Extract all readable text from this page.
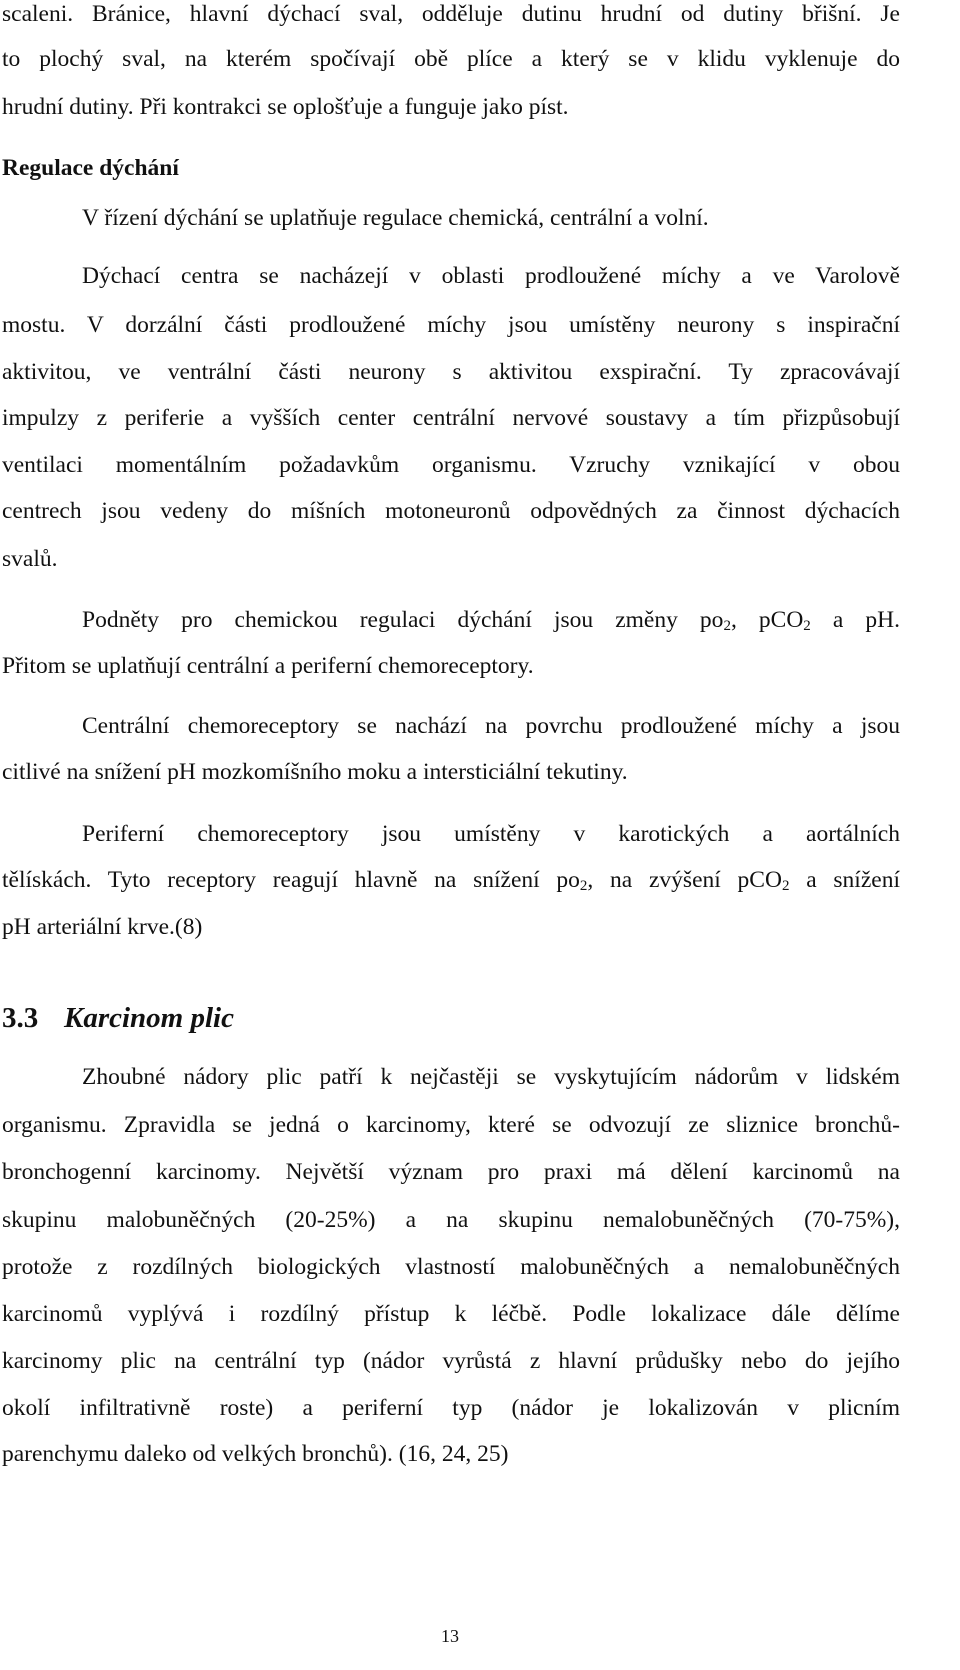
scaleni. Bránice, hlavní dýchací sval, odděluje dutinu hrudní od dutiny břišní. Je
to plochý sval, na kterém spočívají obě plíce a který se v klidu vyklenuje do
hrudní dutiny. Při kontrakci se oplošťuje a funguje jako píst.
Regulace dýchání
V řízení dýchání se uplatňuje regulace chemická, centrální a volní.
Dýchací centra se nacházejí v oblasti prodloužené míchy a ve Varolově
mostu. V dorzální části prodloužené míchy jsou umístěny neurony s inspirační
aktivitou, ve ventrální části neurony s aktivitou exspirační. Ty zpracovávají
impulzy z periferie a vyšších center centrální nervové soustavy a tím přizpůsobují
ventilaci momentálním požadavkům organismu. Vzruchy vznikající v obou
centrech jsou vedeny do míšních motoneuronů odpovědných za činnost dýchacích
svalů.
Podněty pro chemickou regulaci dýchání jsou změny $po_2$, pCO$_2$ a pH.
Přitom se uplatňují centrální a periferní chemoreceptory.
Centrální chemoreceptory se nachází na povrchu prodloužené míchy a jsou
citlivé na snížení pH mozkomíšního moku a intersticiální tekutiny.
Periferní chemoreceptory jsou umístěny v karotických a aortálních
tělískách. Tyto receptory reagují hlavně na snížení $po_2$, na zvýšení pCO$_2$ a snížení
pH arteriální krve.(8)
3.3 Karcinom plic
Zhoubné nádory plic patří k nejčastěji se vyskytujícím nádorům v lidském
organismu. Zpravidla se jedná o karcinomy, které se odvozují ze sliznice bronchů-
bronchogenní karcinomy. Největší význam pro praxi má dělení karcinomů na
skupinu malobuněčných (20-25%) a na skupinu nemalobuněčných (70-75%),
protože z rozdílných biologických vlastností malobuněčných a nemalobuněčných
karcinomů vyplývá i rozdílný přístup k léčbě. Podle lokalizace dále dělíme
karcinomy plic na centrální typ (nádor vyrůstá z hlavní průdušky nebo do jejího
okolí infiltrativně roste) a periferní typ (nádor je lokalizován v plicním
parenchymu daleko od velkých bronchů). (16, 24, 25)
13
